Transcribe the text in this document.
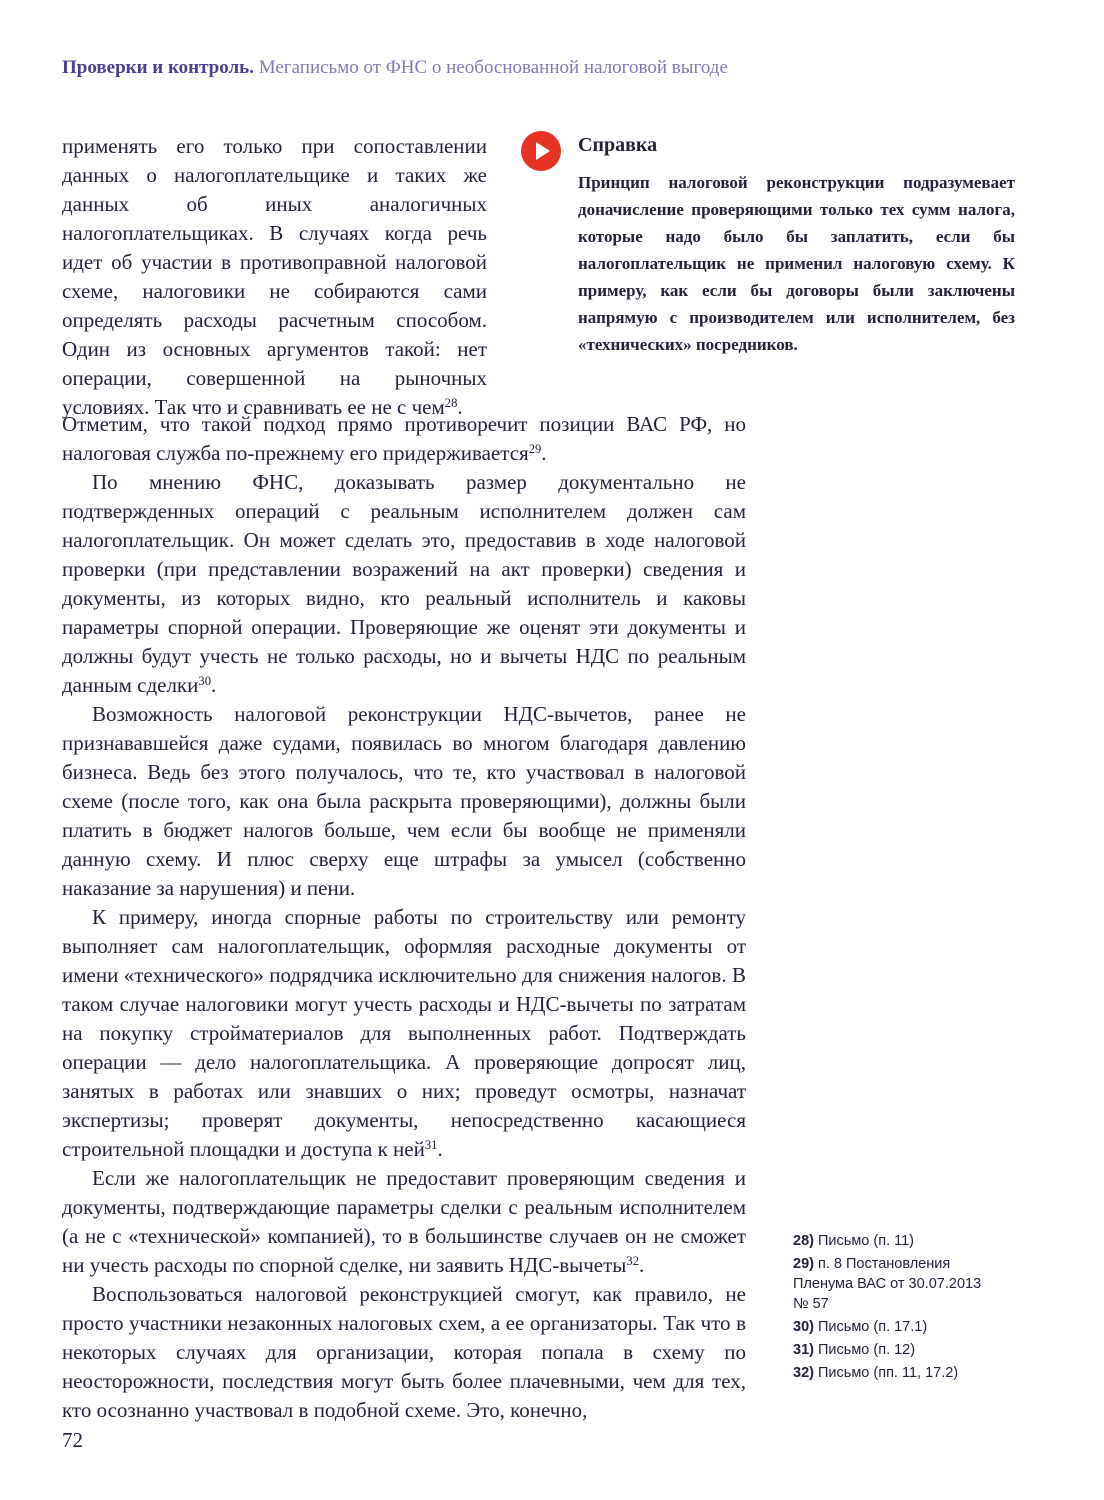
Проверки и контроль. Мегаписьмо от ФНС о необоснованной налоговой выгоде

применять его только при сопоставлении данных о налогоплательщике и таких же данных об иных аналогичных налогоплательщиках. В случаях когда речь идет об участии в противоправной налоговой схеме, налоговики не собираются сами определять расходы расчетным способом. Один из основных аргументов такой: нет операции, совершенной на рыночных условиях. Так что и сравнивать ее не с чем$^{28}$.

Справка

Принцип налоговой реконструкции подразумевает доначисление проверяющими только тех сумм налога, которые надо было бы заплатить, если бы налогоплательщик не применил налоговую схему. К примеру, как если бы договоры были заключены напрямую с производителем или исполнителем, без «технических» посредников.

Отметим, что такой подход прямо противоречит позиции ВАС РФ, но налоговая служба по-прежнему его придерживается$^{29}$.

По мнению ФНС, доказывать размер документально не подтвержденных операций с реальным исполнителем должен сам налогоплательщик. Он может сделать это, предоставив в ходе налоговой проверки (при представлении возражений на акт проверки) сведения и документы, из которых видно, кто реальный исполнитель и каковы параметры спорной операции. Проверяющие же оценят эти документы и должны будут учесть не только расходы, но и вычеты НДС по реальным данным сделки$^{30}$.

Возможность налоговой реконструкции НДС-вычетов, ранее не признававшейся даже судами, появилась во многом благодаря давлению бизнеса. Ведь без этого получалось, что те, кто участвовал в налоговой схеме (после того, как она была раскрыта проверяющими), должны были платить в бюджет налогов больше, чем если бы вообще не применяли данную схему. И плюс сверху еще штрафы за умысел (собственно наказание за нарушения) и пени.

К примеру, иногда спорные работы по строительству или ремонту выполняет сам налогоплательщик, оформляя расходные документы от имени «технического» подрядчика исключительно для снижения налогов. В таком случае налоговики могут учесть расходы и НДС-вычеты по затратам на покупку стройматериалов для выполненных работ. Подтверждать операции — дело налогоплательщика. А проверяющие допросят лиц, занятых в работах или знавших о них; проведут осмотры, назначат экспертизы; проверят документы, непосредственно касающиеся строительной площадки и доступа к ней$^{31}$.

Если же налогоплательщик не предоставит проверяющим сведения и документы, подтверждающие параметры сделки с реальным исполнителем (а не с «технической» компанией), то в большинстве случаев он не сможет ни учесть расходы по спорной сделке, ни заявить НДС-вычеты$^{32}$.

Воспользоваться налоговой реконструкцией смогут, как правило, не просто участники незаконных налоговых схем, а ее организаторы. Так что в некоторых случаях для организации, которая попала в схему по неосторожности, последствия могут быть более плачевными, чем для тех, кто осознанно участвовал в подобной схеме. Это, конечно,

28) Письмо (п. 11)

29) п. 8 Постановления Пленума ВАС от 30.07.2013 № 57

30) Письмо (п. 17.1)

31) Письмо (п. 12)

32) Письмо (пп. 11, 17.2)

72
